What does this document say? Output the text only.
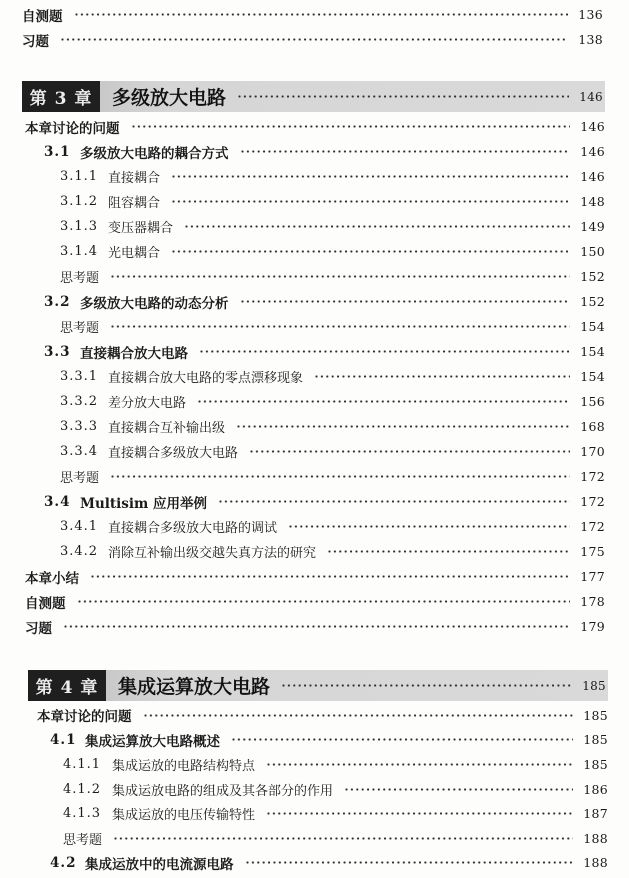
自测题	136
习题	138
第 3 章	多级放大电路	146
本章讨论的问题	146
3.1 多级放大电路的耦合方式	146
3.1.1 直接耦合	146
3.1.2 阻容耦合	148
3.1.3 变压器耦合	149
3.1.4 光电耦合	150
思考题	152
3.2 多级放大电路的动态分析	152
思考题	154
3.3 直接耦合放大电路	154
3.3.1 直接耦合放大电路的零点漂移现象	154
3.3.2 差分放大电路	156
3.3.3 直接耦合互补输出级	168
3.3.4 直接耦合多级放大电路	170
思考题	172
3.4 Multisim 应用举例	172
3.4.1 直接耦合多级放大电路的调试	172
3.4.2 消除互补输出级交越失真方法的研究	175
本章小结	177
自测题	178
习题	179
第 4 章	集成运算放大电路	185
本章讨论的问题	185
4.1 集成运算放大电路概述	185
4.1.1 集成运放的电路结构特点	185
4.1.2 集成运放电路的组成及其各部分的作用	186
4.1.3 集成运放的电压传输特性	187
思考题	188
4.2 集成运放中的电流源电路	188
